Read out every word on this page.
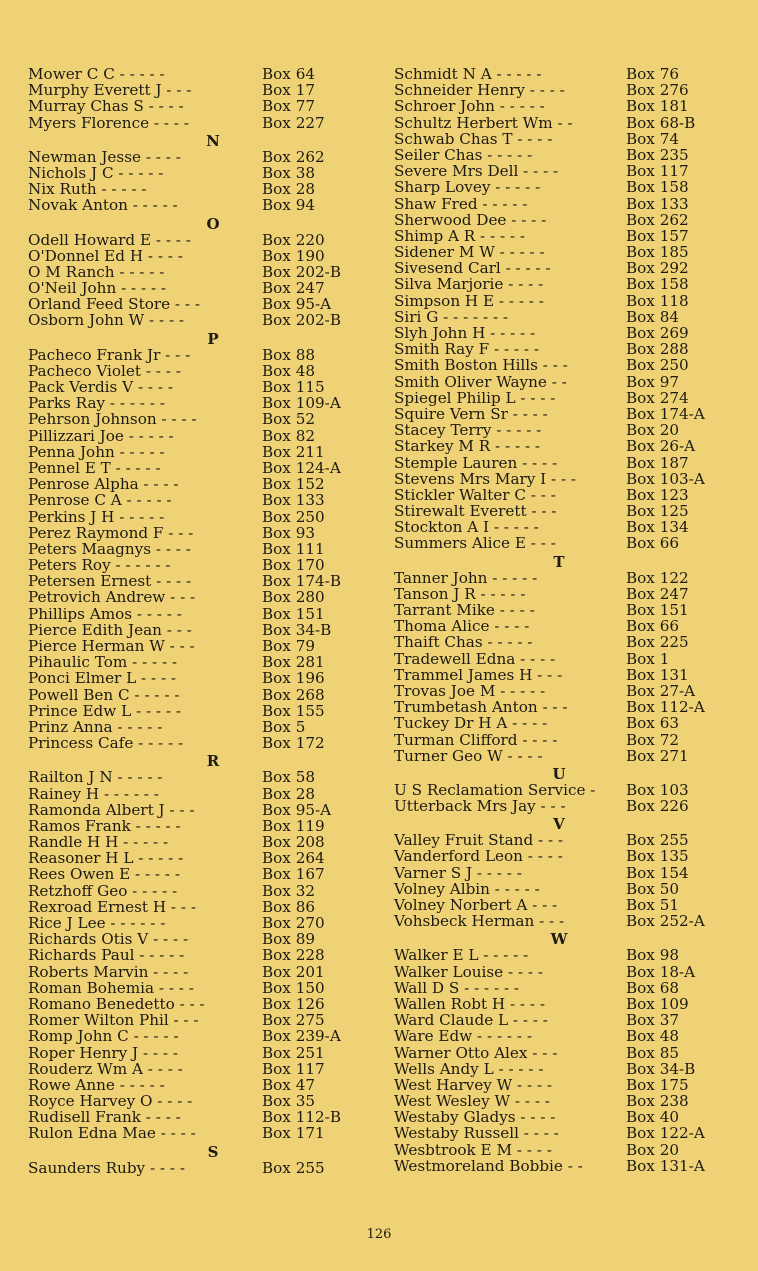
Mower C C - - - - -	Box 64
Murphy Everett J - - -	Box 17
Murray Chas S - - - -	Box 77
Myers Florence - - - -	Box 227
N
Newman Jesse - - - -	Box 262
Nichols J C - - - - -	Box 38
Nix Ruth - - - - -	Box 28
Novak Anton - - - - -	Box 94
O
Odell Howard E - - - -	Box 220
O'Donnel Ed H - - - -	Box 190
O M Ranch - - - - -	Box 202-B
O'Neil John - - - - -	Box 247
Orland Feed Store - - -	Box 95-A
Osborn John W - - - -	Box 202-B
P
Pacheco Frank Jr - - -	Box 88
Pacheco Violet - - - -	Box 48
Pack Verdis V - - - -	Box 115
Parks Ray - - - - - -	Box 109-A
Pehrson Johnson - - - -	Box 52
Pillizzari Joe - - - - -	Box 82
Penna John - - - - -	Box 211
Pennel E T - - - - -	Box 124-A
Penrose Alpha - - - -	Box 152
Penrose C A - - - - -	Box 133
Perkins J H - - - - -	Box 250
Perez Raymond F - - -	Box 93
Peters Maagnys - - - -	Box 111
Peters Roy - - - - - -	Box 170
Petersen Ernest - - - -	Box 174-B
Petrovich Andrew - - -	Box 280
Phillips Amos - - - - -	Box 151
Pierce Edith Jean - - -	Box 34-B
Pierce Herman W - - -	Box 79
Pihaulic Tom - - - - -	Box 281
Ponci Elmer L - - - -	Box 196
Powell Ben C - - - - -	Box 268
Prince Edw L - - - - -	Box 155
Prinz Anna - - - - -	Box 5
Princess Cafe - - - - -	Box 172
R
Railton J N - - - - -	Box 58
Rainey H - - - - - -	Box 28
Ramonda Albert J - - -	Box 95-A
Ramos Frank - - - - -	Box 119
Randle H H - - - - -	Box 208
Reasoner H L - - - - -	Box 264
Rees Owen E - - - - -	Box 167
Retzhoff Geo - - - - -	Box 32
Rexroad Ernest H - - -	Box 86
Rice J Lee - - - - - -	Box 270
Richards Otis V - - - -	Box 89
Richards Paul - - - - -	Box 228
Roberts Marvin - - - -	Box 201
Roman Bohemia - - - -	Box 150
Romano Benedetto - - -	Box 126
Romer Wilton Phil - - -	Box 275
Romp John C - - - - -	Box 239-A
Roper Henry J - - - -	Box 251
Rouderz Wm A - - - -	Box 117
Rowe Anne - - - - -	Box 47
Royce Harvey O - - - -	Box 35
Rudisell Frank - - - -	Box 112-B
Rulon Edna Mae - - - -	Box 171
S
Saunders Ruby - - - -	Box 255
Schmidt N A - - - - -	Box 76
Schneider Henry - - - -	Box 276
Schroer John - - - - -	Box 181
Schultz Herbert Wm - -	Box 68-B
Schwab Chas T - - - -	Box 74
Seiler Chas - - - - -	Box 235
Severe Mrs Dell - - - -	Box 117
Sharp Lovey - - - - -	Box 158
Shaw Fred - - - - -	Box 133
Sherwood Dee - - - -	Box 262
Shimp A R - - - - -	Box 157
Sidener M W - - - - -	Box 185
Sivesend Carl - - - - -	Box 292
Silva Marjorie - - - -	Box 158
Simpson H E - - - - -	Box 118
Siri G - - - - - - -	Box 84
Slyh John H - - - - -	Box 269
Smith Ray F - - - - -	Box 288
Smith Boston Hills - - -	Box 250
Smith Oliver Wayne - -	Box 97
Spiegel Philip L - - - -	Box 274
Squire Vern Sr - - - -	Box 174-A
Stacey Terry - - - - -	Box 20
Starkey M R - - - - -	Box 26-A
Stemple Lauren - - - -	Box 187
Stevens Mrs Mary I - - -	Box 103-A
Stickler Walter C - - -	Box 123
Stirewalt Everett - - -	Box 125
Stockton A I - - - - -	Box 134
Summers Alice E - - -	Box 66
T
Tanner John - - - - -	Box 122
Tanson J R - - - - -	Box 247
Tarrant Mike - - - -	Box 151
Thoma Alice - - - -	Box 66
Thaift Chas - - - - -	Box 225
Tradewell Edna - - - -	Box 1
Trammel James H - - -	Box 131
Trovas Joe M - - - - -	Box 27-A
Trumbetash Anton - - -	Box 112-A
Tuckey Dr H A - - - -	Box 63
Turman Clifford - - - -	Box 72
Turner Geo W - - - -	Box 271
U
U S Reclamation Service - Box 103
Utterback Mrs Jay - - -	Box 226
V
Valley Fruit Stand - - -	Box 255
Vanderford Leon - - - -	Box 135
Varner S J - - - - -	Box 154
Volney Albin - - - - -	Box 50
Volney Norbert A - - -	Box 51
Vohsbeck Herman - - -	Box 252-A
W
Walker E L - - - - -	Box 98
Walker Louise - - - -	Box 18-A
Wall D S - - - - - -	Box 68
Wallen Robt H - - - -	Box 109
Ward Claude L - - - -	Box 37
Ware Edw - - - - - -	Box 48
Warner Otto Alex - - -	Box 85
Wells Andy L - - - - -	Box 34-B
West Harvey W - - - -	Box 175
West Wesley W - - - -	Box 238
Westaby Gladys - - - -	Box 40
Westaby Russell - - - -	Box 122-A
Wesbtrook E M - - - -	Box 20
Westmoreland Bobbie - -	Box 131-A
126
